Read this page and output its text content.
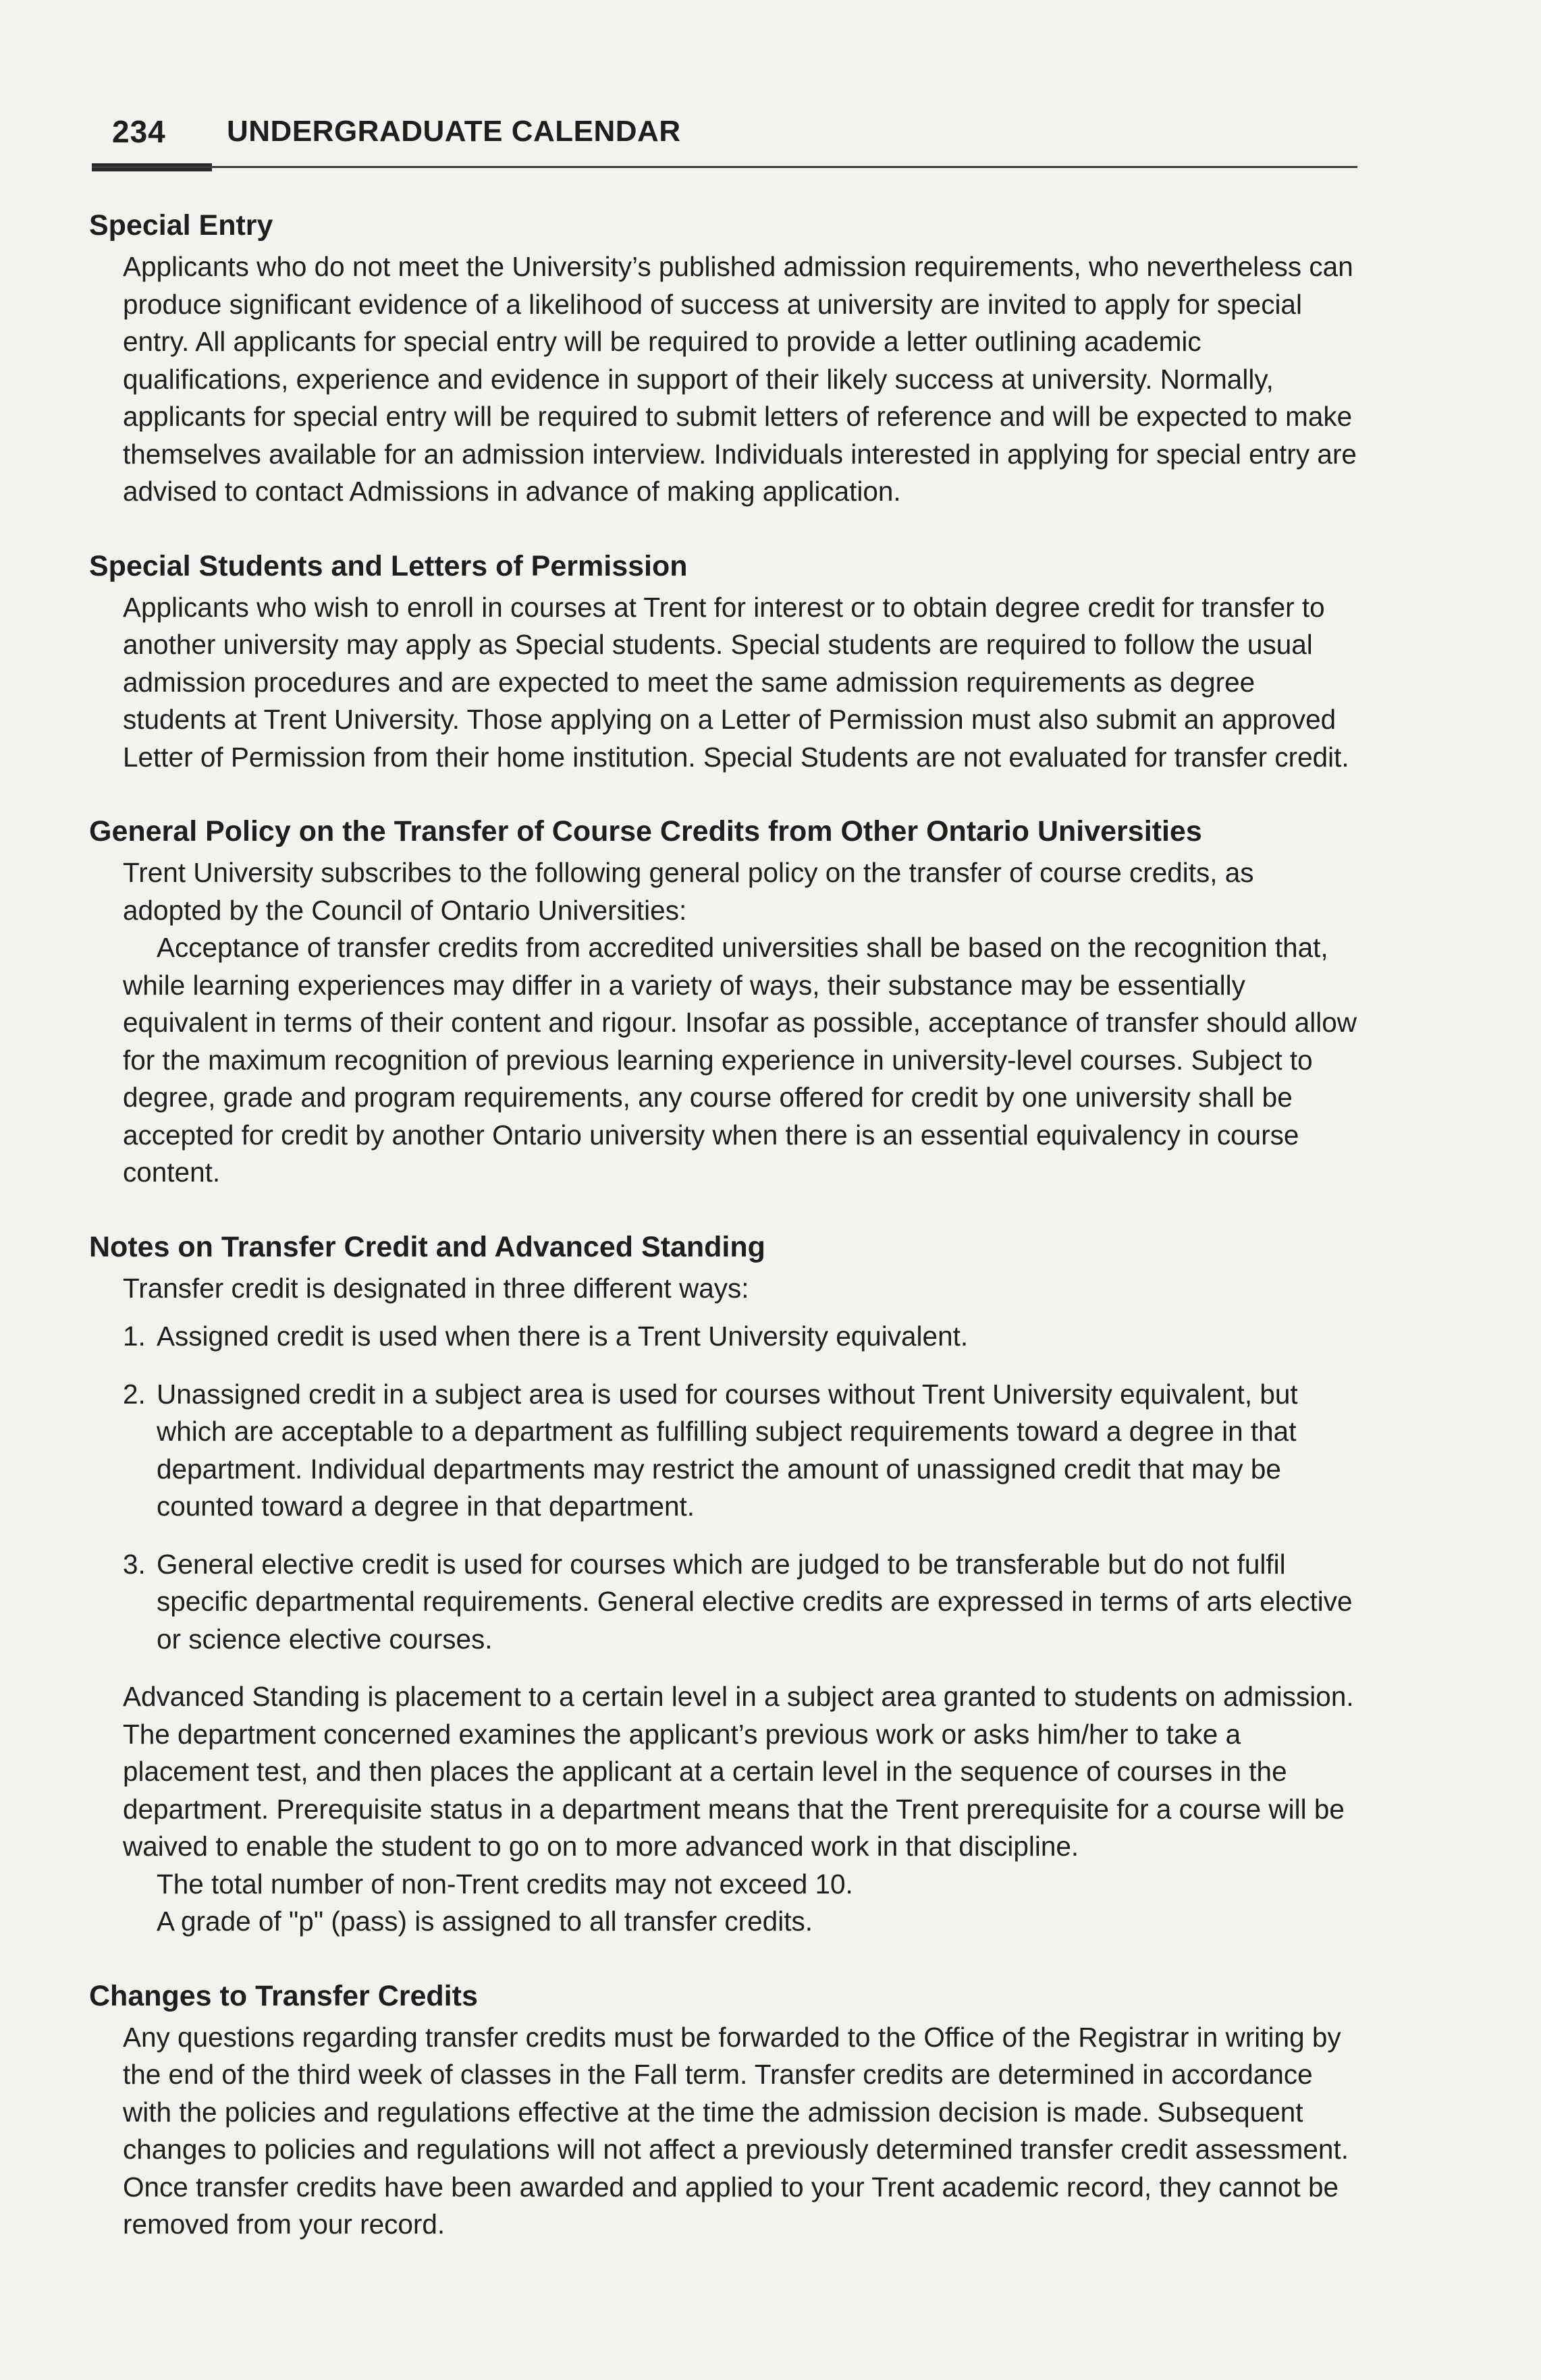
234 UNDERGRADUATE CALENDAR
Special Entry

Applicants who do not meet the University’s published admission requirements, who nevertheless can produce significant evidence of a likelihood of success at university are invited to apply for special entry. All applicants for special entry will be required to provide a letter outlining academic qualifications, experience and evidence in support of their likely success at university. Normally, applicants for special entry will be required to submit letters of reference and will be expected to make themselves available for an admission interview. Individuals interested in applying for special entry are advised to contact Admissions in advance of making application.

Special Students and Letters of Permission

Applicants who wish to enroll in courses at Trent for interest or to obtain degree credit for transfer to another university may apply as Special students. Special students are required to follow the usual admission procedures and are expected to meet the same admission requirements as degree students at Trent University. Those applying on a Letter of Permission must also submit an approved Letter of Permission from their home institution. Special Students are not evaluated for transfer credit.

General Policy on the Transfer of Course Credits from Other Ontario Universities

Trent University subscribes to the following general policy on the transfer of course credits, as adopted by the Council of Ontario Universities:

Acceptance of transfer credits from accredited universities shall be based on the recognition that, while learning experiences may differ in a variety of ways, their substance may be essentially equivalent in terms of their content and rigour. Insofar as possible, acceptance of transfer should allow for the maximum recognition of previous learning experience in university-level courses. Subject to degree, grade and program requirements, any course offered for credit by one university shall be accepted for credit by another Ontario university when there is an essential equivalency in course content.

Notes on Transfer Credit and Advanced Standing

Transfer credit is designated in three different ways:

1. Assigned credit is used when there is a Trent University equivalent.
2. Unassigned credit in a subject area is used for courses without Trent University equivalent, but which are acceptable to a department as fulfilling subject requirements toward a degree in that department. Individual departments may restrict the amount of unassigned credit that may be counted toward a degree in that department.
3. General elective credit is used for courses which are judged to be transferable but do not fulfil specific departmental requirements. General elective credits are expressed in terms of arts elective or science elective courses.

Advanced Standing is placement to a certain level in a subject area granted to students on admission. The department concerned examines the applicant’s previous work or asks him/her to take a placement test, and then places the applicant at a certain level in the sequence of courses in the department. Prerequisite status in a department means that the Trent prerequisite for a course will be waived to enable the student to go on to more advanced work in that discipline.

The total number of non-Trent credits may not exceed 10.

A grade of "p" (pass) is assigned to all transfer credits.

Changes to Transfer Credits

Any questions regarding transfer credits must be forwarded to the Office of the Registrar in writing by the end of the third week of classes in the Fall term. Transfer credits are determined in accordance with the policies and regulations effective at the time the admission decision is made. Subsequent changes to policies and regulations will not affect a previously determined transfer credit assessment. Once transfer credits have been awarded and applied to your Trent academic record, they cannot be removed from your record.
